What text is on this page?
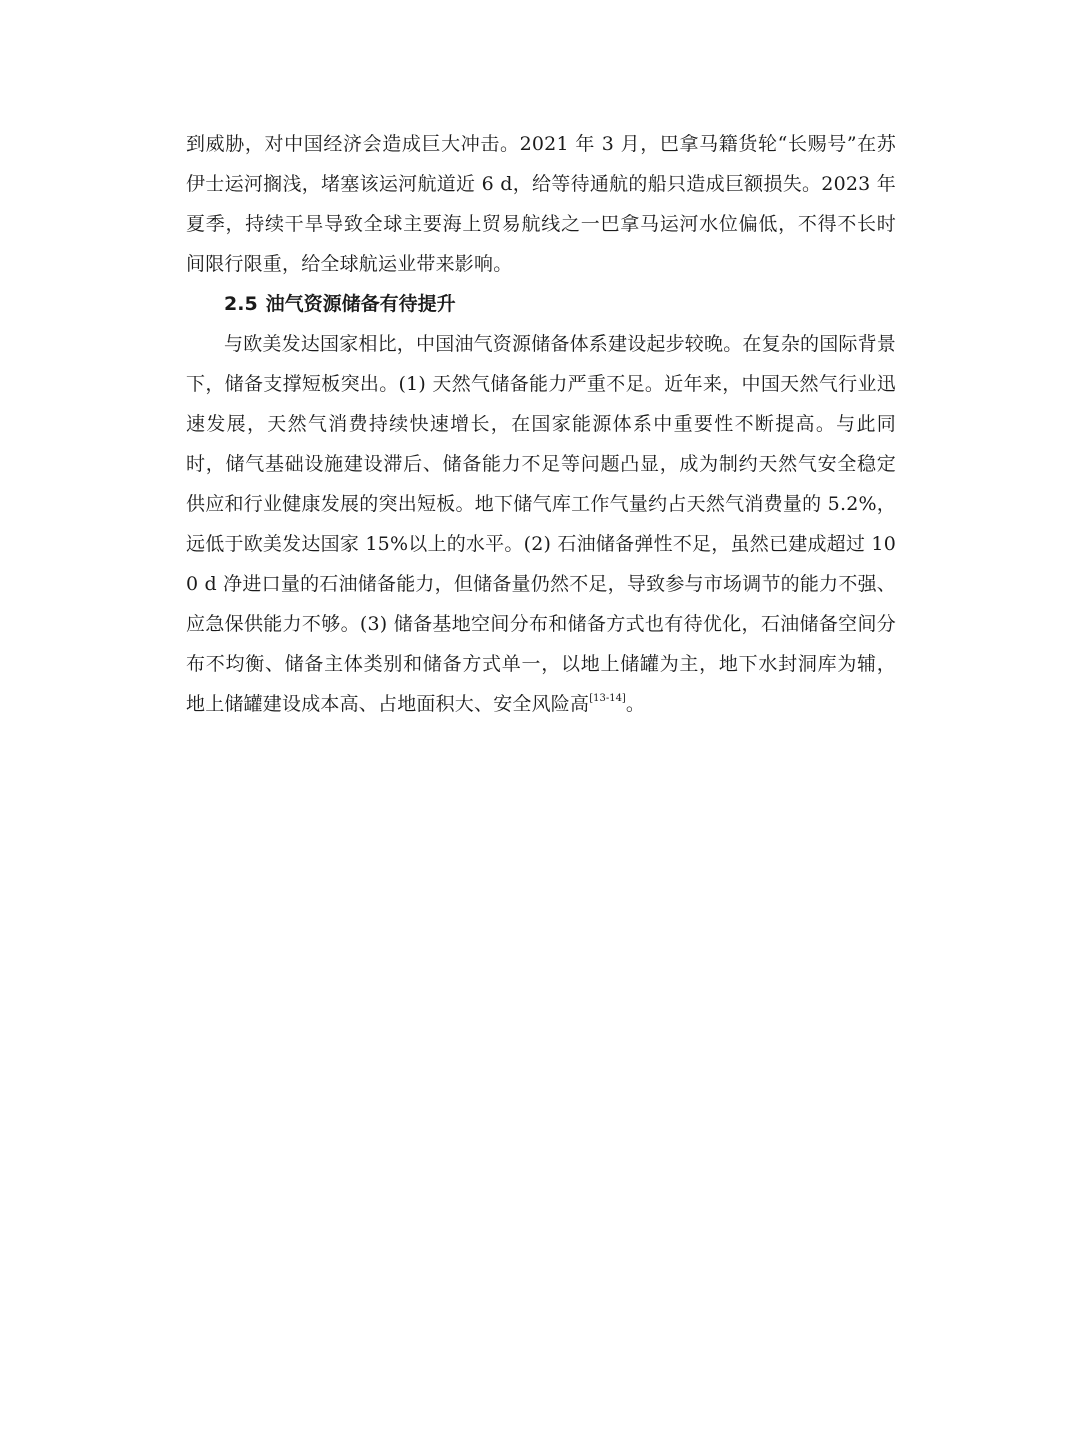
到威胁，对中国经济会造成巨大冲击。2021 年 3 月，巴拿马籍货轮“长赐号”在苏伊士运河搁浅，堵塞该运河航道近 6 d，给等待通航的船只造成巨额损失。2023 年夏季，持续干旱导致全球主要海上贸易航线之一巴拿马运河水位偏低，不得不长时间限行限重，给全球航运业带来影响。

2.5 油气资源储备有待提升

与欧美发达国家相比，中国油气资源储备体系建设起步较晚。在复杂的国际背景下，储备支撑短板突出。(1) 天然气储备能力严重不足。近年来，中国天然气行业迅速发展，天然气消费持续快速增长，在国家能源体系中重要性不断提高。与此同时，储气基础设施建设滞后、储备能力不足等问题凸显，成为制约天然气安全稳定供应和行业健康发展的突出短板。地下储气库工作气量约占天然气消费量的 5.2%，远低于欧美发达国家 15%以上的水平。(2) 石油储备弹性不足，虽然已建成超过 100 d 净进口量的石油储备能力，但储备量仍然不足，导致参与市场调节的能力不强、应急保供能力不够。(3) 储备基地空间分布和储备方式也有待优化，石油储备空间分布不均衡、储备主体类别和储备方式单一，以地上储罐为主，地下水封洞库为辅，地上储罐建设成本高、占地面积大、安全风险高[13-14]。
